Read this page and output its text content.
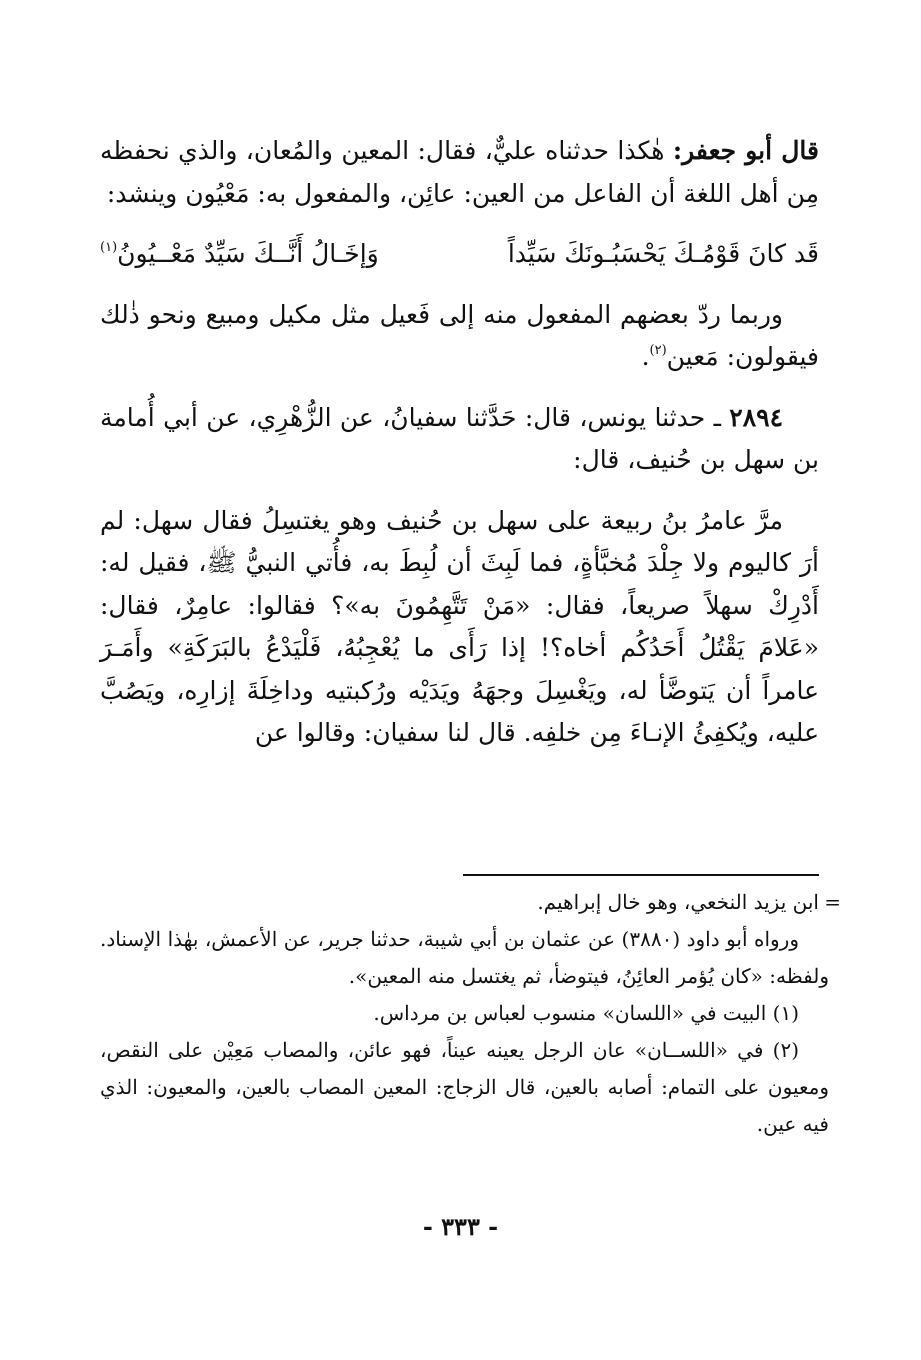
قال أبو جعفر: هٰكذا حدثناه عليٌّ، فقال: المعين والمُعان، والذي نحفظه مِن أهل اللغة أن الفاعل من العين: عائِن، والمفعول به: مَعْيُون وينشد:

قَد كانَ قَوْمُـكَ يَحْسَبُـونَكَ سَيِّداً
وَإخَـالُ أَنَّــكَ سَيِّدٌ مَعْــيُونُ$^{(١)}$

وربما ردّ بعضهم المفعول منه إلى فَعيل مثل مكيل ومبيع ونحو ذٰلك فيقولون: مَعين$^{(٢)}$.

٢٨٩٤ ـ حدثنا يونس، قال: حَدَّثنا سفيانُ، عن الزُّهْرِي، عن أبي أُمامة بن سهل بن حُنيف، قال:

مرَّ عامرُ بنُ ربيعة على سهل بن حُنيف وهو يغتسِلُ فقال سهل: لم أرَ كاليوم ولا جِلْدَ مُخبَّأةٍ، فما لَبِثَ أن لُبِطَ به، فأُتي النبيُّ ﷺ، فقيل له: أَدْرِكْ سهلاً صريعاً، فقال: «مَنْ تَتَّهِمُونَ به»؟ فقالوا: عامِرٌ، فقال: «عَلامَ يَقْتُلُ أَحَدُكُم أخاه؟! إذا رَأَى ما يُعْجِبُهُ، فَلْيَدْعُ بالبَرَكَةِ» وأَمَـرَ عامراً أن يَتوضَّأ له، ويَغْسِلَ وجهَهُ ويَدَيْه ورُكبتيه وداخِلَةَ إزارِه، ويَصُبَّ عليه، ويُكفِئُ الإنـاءَ مِن خلفِه. قال لنا سفيان: وقالوا عن

=
ابن يزيد النخعي، وهو خال إبراهيم.

ورواه أبو داود (٣٨٨٠) عن عثمان بن أبي شيبة، حدثنا جرير، عن الأعمش، بهٰذا الإسناد. ولفظه: «كان يُؤمر العائِنُ، فيتوضأ، ثم يغتسل منه المعين».

(١) البيت في «اللسان» منسوب لعباس بن مرداس.

(٢) في «اللســان» عان الرجل يعينه عيناً، فهو عائن، والمصاب مَعِيْن على النقص، ومعيون على التمام: أصابه بالعين، قال الزجاج: المعين المصاب بالعين، والمعيون: الذي فيه عين.

- ٣٣٣ -
